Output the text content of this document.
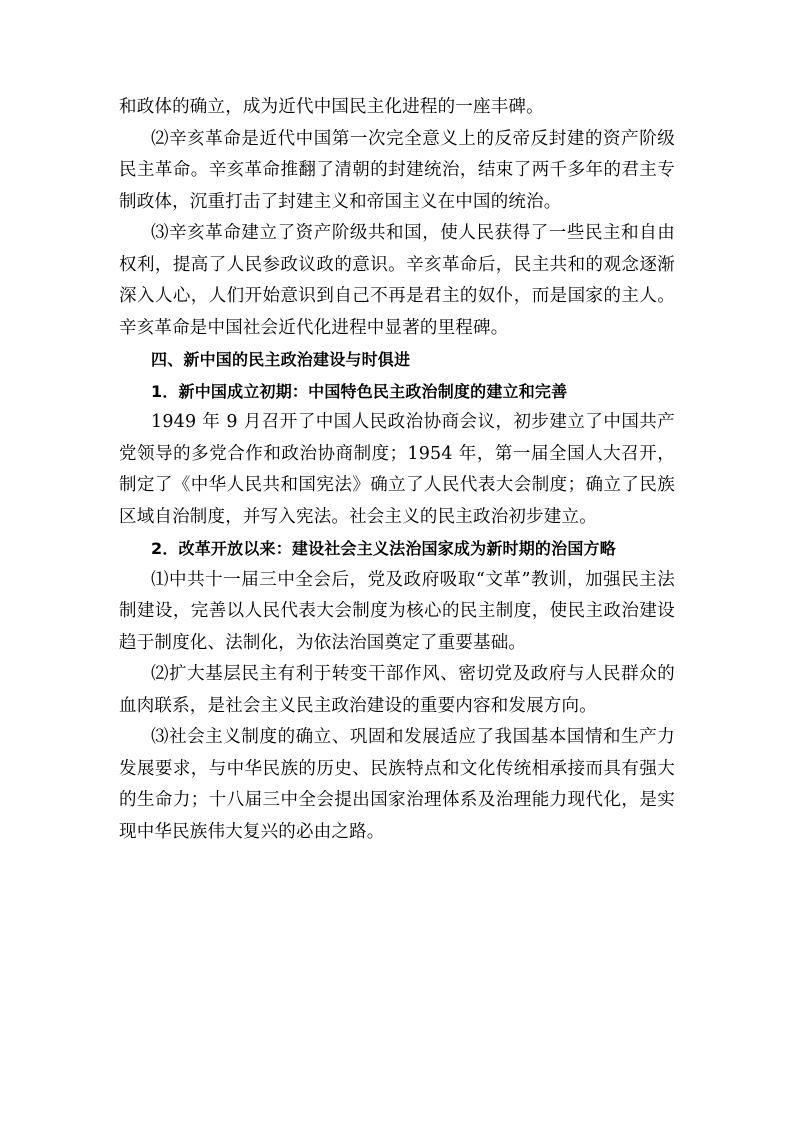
和政体的确立，成为近代中国民主化进程的一座丰碑。

⑵辛亥革命是近代中国第一次完全意义上的反帝反封建的资产阶级民主革命。辛亥革命推翻了清朝的封建统治，结束了两千多年的君主专制政体，沉重打击了封建主义和帝国主义在中国的统治。

⑶辛亥革命建立了资产阶级共和国，使人民获得了一些民主和自由权利，提高了人民参政议政的意识。辛亥革命后，民主共和的观念逐渐深入人心，人们开始意识到自己不再是君主的奴仆，而是国家的主人。辛亥革命是中国社会近代化进程中显著的里程碑。

四、新中国的民主政治建设与时俱进

1．新中国成立初期：中国特色民主政治制度的建立和完善

1949 年 9 月召开了中国人民政治协商会议，初步建立了中国共产党领导的多党合作和政治协商制度；1954 年，第一届全国人大召开，制定了《中华人民共和国宪法》确立了人民代表大会制度；确立了民族区域自治制度，并写入宪法。社会主义的民主政治初步建立。

2．改革开放以来：建设社会主义法治国家成为新时期的治国方略

⑴中共十一届三中全会后，党及政府吸取“文革”教训，加强民主法制建设，完善以人民代表大会制度为核心的民主制度，使民主政治建设趋于制度化、法制化，为依法治国奠定了重要基础。

⑵扩大基层民主有利于转变干部作风、密切党及政府与人民群众的血肉联系，是社会主义民主政治建设的重要内容和发展方向。

⑶社会主义制度的确立、巩固和发展适应了我国基本国情和生产力发展要求，与中华民族的历史、民族特点和文化传统相承接而具有强大的生命力；十八届三中全会提出国家治理体系及治理能力现代化，是实现中华民族伟大复兴的必由之路。
